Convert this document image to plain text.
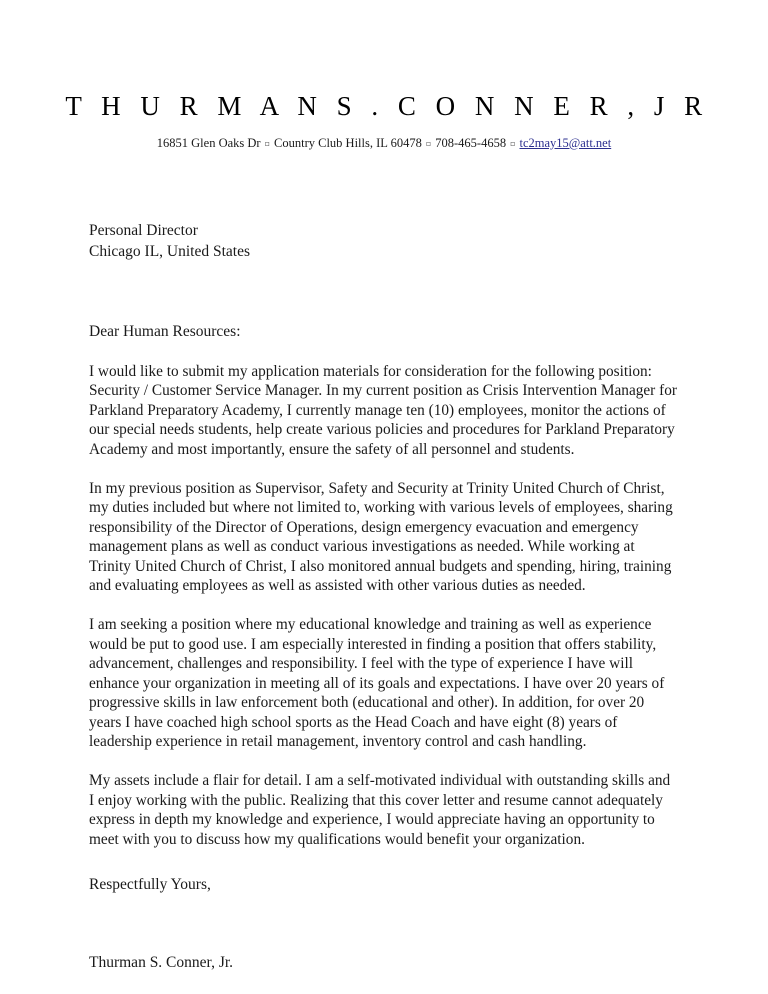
T H U R M A N S . C O N N E R , J R
16851 Glen Oaks Dr ▫ Country Club Hills, IL 60478 ▫ 708-465-4658 ▫ tc2may15@att.net
Personal Director
Chicago IL, United States
Dear Human Resources:

I would like to submit my application materials for consideration for the following position: Security / Customer Service Manager. In my current position as Crisis Intervention Manager for Parkland Preparatory Academy, I currently manage ten (10) employees, monitor the actions of our special needs students, help create various policies and procedures for Parkland Preparatory Academy and most importantly, ensure the safety of all personnel and students.

In my previous position as Supervisor, Safety and Security at Trinity United Church of Christ, my duties included but where not limited to, working with various levels of employees, sharing responsibility of the Director of Operations, design emergency evacuation and emergency management plans as well as conduct various investigations as needed. While working at Trinity United Church of Christ, I also monitored annual budgets and spending, hiring, training and evaluating employees as well as assisted with other various duties as needed.

I am seeking a position where my educational knowledge and training as well as experience would be put to good use. I am especially interested in finding a position that offers stability, advancement, challenges and responsibility. I feel with the type of experience I have will enhance your organization in meeting all of its goals and expectations. I have over 20 years of progressive skills in law enforcement both (educational and other). In addition, for over 20 years I have coached high school sports as the Head Coach and have eight (8) years of leadership experience in retail management, inventory control and cash handling.

My assets include a flair for detail. I am a self-motivated individual with outstanding skills and I enjoy working with the public. Realizing that this cover letter and resume cannot adequately express in depth my knowledge and experience, I would appreciate having an opportunity to meet with you to discuss how my qualifications would benefit your organization.

Respectfully Yours,
Thurman S. Conner, Jr.
